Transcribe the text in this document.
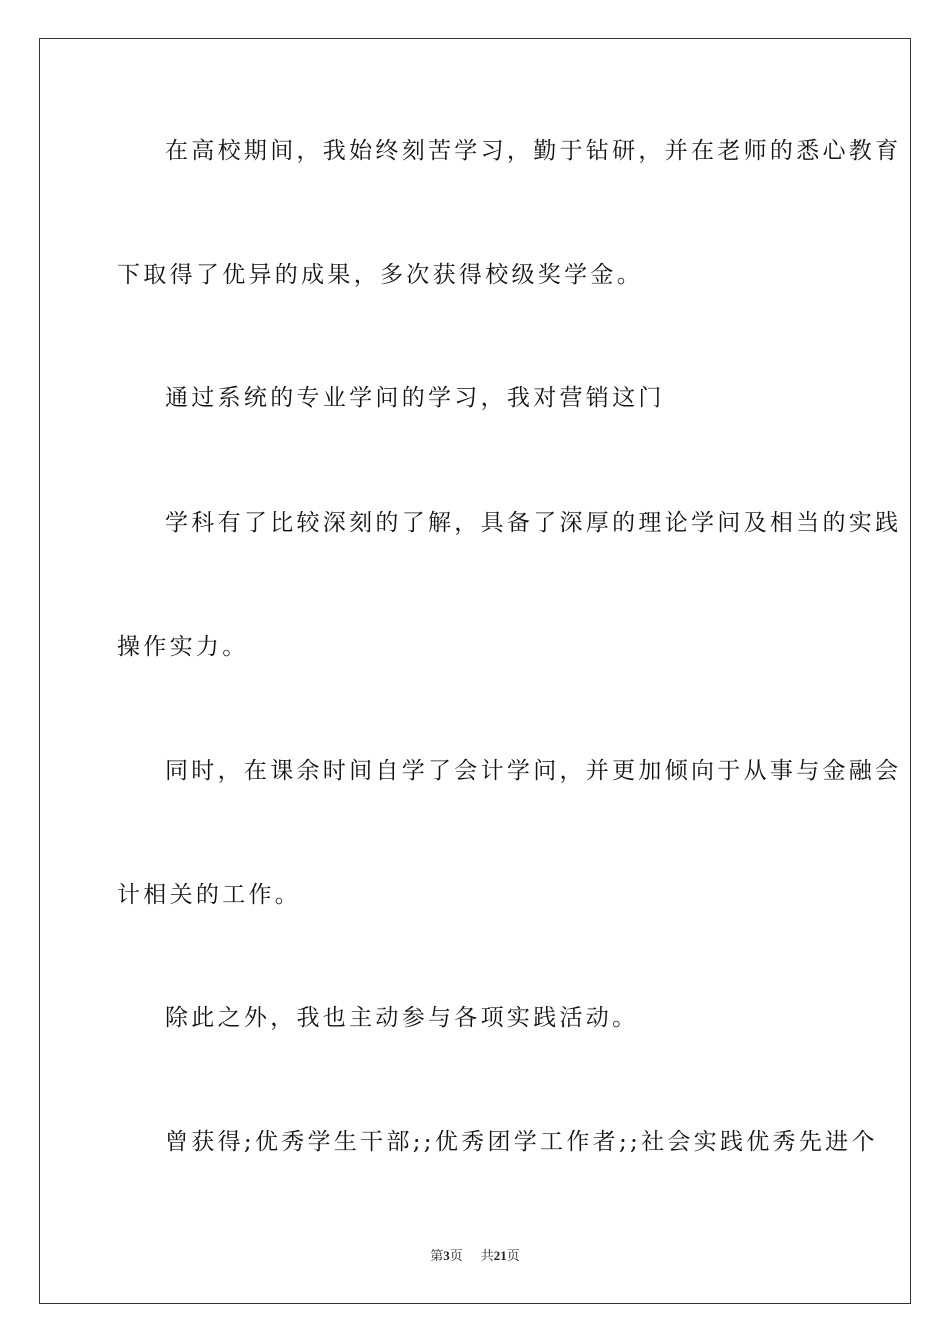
在高校期间，我始终刻苦学习，勤于钻研，并在老师的悉心教育
下取得了优异的成果，多次获得校级奖学金。
通过系统的专业学问的学习，我对营销这门
学科有了比较深刻的了解，具备了深厚的理论学问及相当的实践
操作实力。
同时，在课余时间自学了会计学问，并更加倾向于从事与金融会
计相关的工作。
除此之外，我也主动参与各项实践活动。
曾获得;优秀学生干部;;优秀团学工作者;;社会实践优秀先进个
第3页 共21页
